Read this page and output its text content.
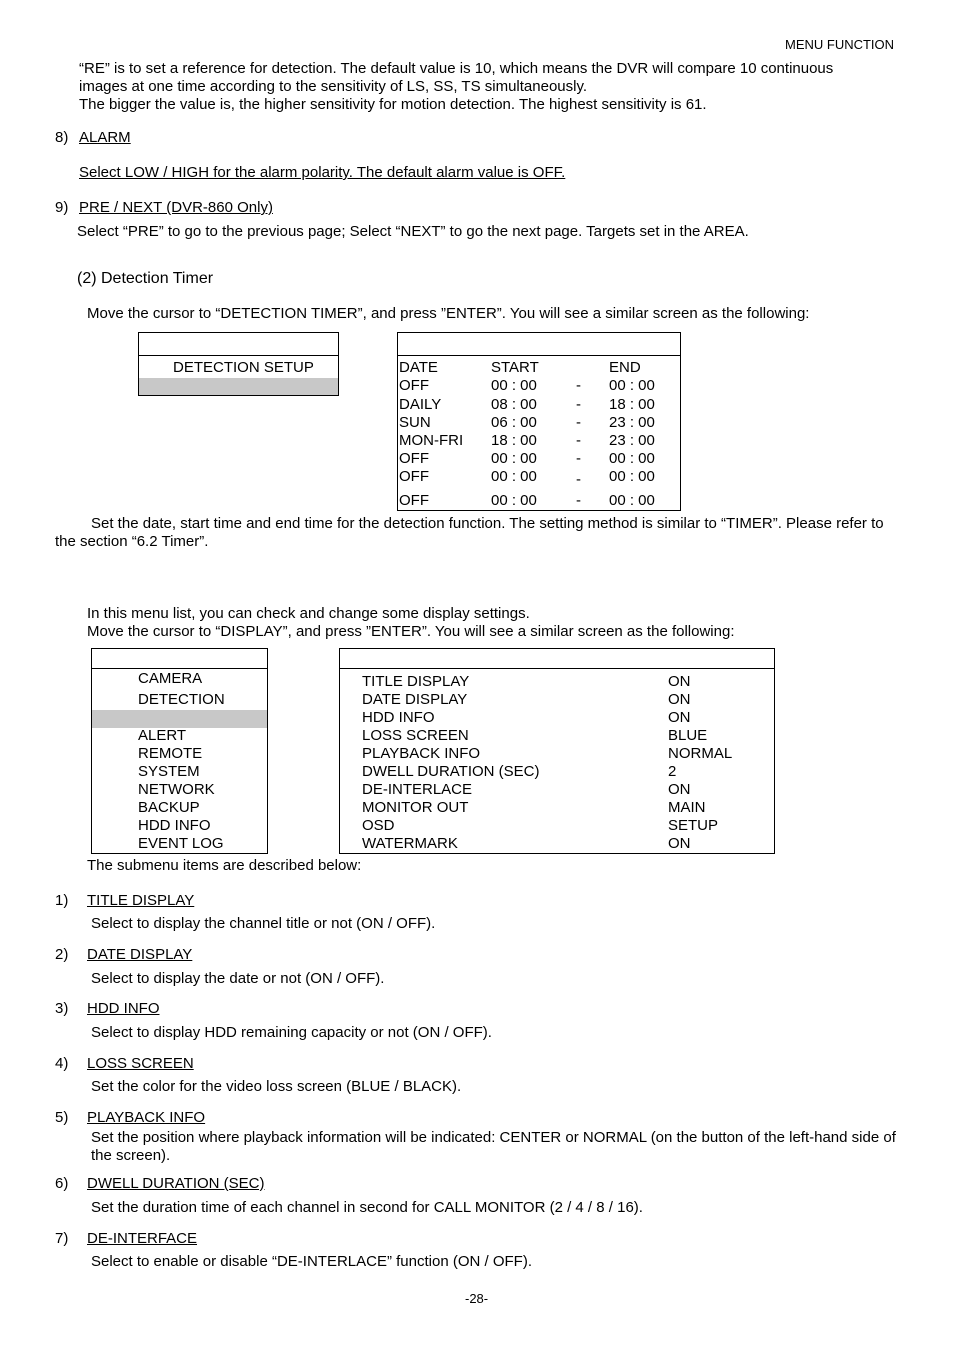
MENU FUNCTION
“RE” is to set a reference for detection. The default value is 10, which means the DVR will compare 10 continuous
images at one time according to the sensitivity of LS, SS, TS simultaneously.
The bigger the value is, the higher sensitivity for motion detection. The highest sensitivity is 61.
8) ALARM
Select LOW / HIGH for the alarm polarity. The default alarm value is OFF.
9) PRE / NEXT (DVR-860 Only)
Select “PRE” to go to the previous page; Select “NEXT” to go the next page. Targets set in the AREA.
(2) Detection Timer
Move the cursor to “DETECTION TIMER”, and press ”ENTER”. You will see a similar screen as the following:
DETECTION SETUP	DATE	START	END
OFF	00 : 00	- 00 : 00
DAILY	08 : 00	- 18 : 00
SUN	06 : 00	- 23 : 00
MON-FRI 18 : 00	- 23 : 00
OFF	00 : 00	- 00 : 00
OFF	00 : 00	- 00 : 00
OFF	00 : 00	- 00 : 00
Set the date, start time and end time for the detection function. The setting method is similar to “TIMER”. Please refer to the section “6.2 Timer”.
In this menu list, you can check and change some display settings.
Move the cursor to “DISPLAY”, and press ”ENTER”. You will see a similar screen as the following:
CAMERA
DETECTION
ALERT
REMOTE
SYSTEM
NETWORK
BACKUP
HDD INFO
EVENT LOG
TITLE DISPLAY	ON
DATE DISPLAY	ON
HDD INFO	ON
LOSS SCREEN	BLUE
PLAYBACK INFO	NORMAL
DWELL DURATION (SEC)	2
DE-INTERLACE	ON
MONITOR OUT	MAIN
OSD	SETUP
WATERMARK	ON
The submenu items are described below:
1) TITLE DISPLAY
Select to display the channel title or not (ON / OFF).
2) DATE DISPLAY
Select to display the date or not (ON / OFF).
3) HDD INFO
Select to display HDD remaining capacity or not (ON / OFF).
4) LOSS SCREEN
Set the color for the video loss screen (BLUE / BLACK).
5) PLAYBACK INFO
Set the position where playback information will be indicated: CENTER or NORMAL (on the button of the left-hand side of the screen).
6) DWELL DURATION (SEC)
Set the duration time of each channel in second for CALL MONITOR (2 / 4 / 8 / 16).
7) DE-INTERFACE
Select to enable or disable “DE-INTERLACE” function (ON / OFF).
-28-
